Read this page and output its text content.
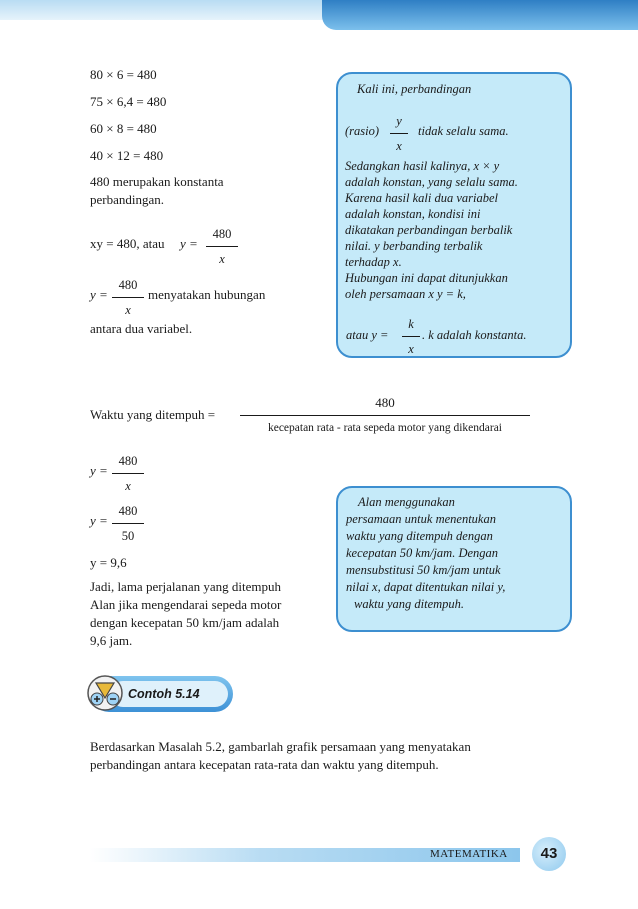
80 × 6 = 480
75 × 6,4 = 480
60 × 8 = 480
40 × 12 = 480
480 merupakan konstanta
perbandingan.
xy = 480, atau y =
480
x
y =
480
x
menyatakan hubungan
antara dua variabel.
Kali ini, perbandingan
(rasio)
y
x
tidak selalu sama.
Sedangkan hasil kalinya, x × y
adalah konstan, yang selalu sama.
Karena hasil kali dua variabel
adalah konstan, kondisi ini
dikatakan perbandingan berbalik
nilai. y berbanding terbalik
terhadap x.
Hubungan ini dapat ditunjukkan
oleh persamaan x y = k,
atau y =
k
x
. k adalah konstanta.
Waktu yang ditempuh =
480
kecepatan rata - rata sepeda motor yang dikendarai
y =
480
x
y =
480
50
y = 9,6
Jadi, lama perjalanan yang ditempuh
Alan jika mengendarai sepeda motor
dengan kecepatan 50 km/jam adalah
9,6 jam.
Alan menggunakan
persamaan untuk menentukan
waktu yang ditempuh dengan
kecepatan 50 km/jam. Dengan
mensubstitusi 50 km/jam untuk
nilai x, dapat ditentukan nilai y,
waktu yang ditempuh.
Contoh 5.14
Berdasarkan Masalah 5.2, gambarlah grafik persamaan yang menyatakan
perbandingan antara kecepatan rata-rata dan waktu yang ditempuh.
MATEMATIKA	43
